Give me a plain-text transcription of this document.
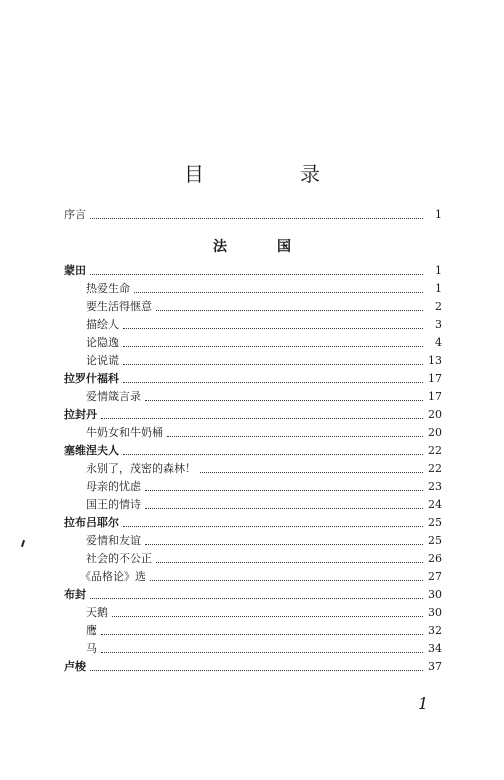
目　录
序言	1
法　国
蒙田	1
热爱生命	1
要生活得惬意	2
描绘人	3
论隐逸	4
论说谎	13
拉罗什福科	17
爱情箴言录	17
拉封丹	20
牛奶女和牛奶桶	20
塞维涅夫人	22
永别了，茂密的森林！	22
母亲的忧虑	23
国王的情诗	24
拉布吕耶尔	25
爱情和友谊	25
社会的不公正	26
《品格论》选	27
布封	30
天鹅	30
鹰	32
马	34
卢梭	37
1
